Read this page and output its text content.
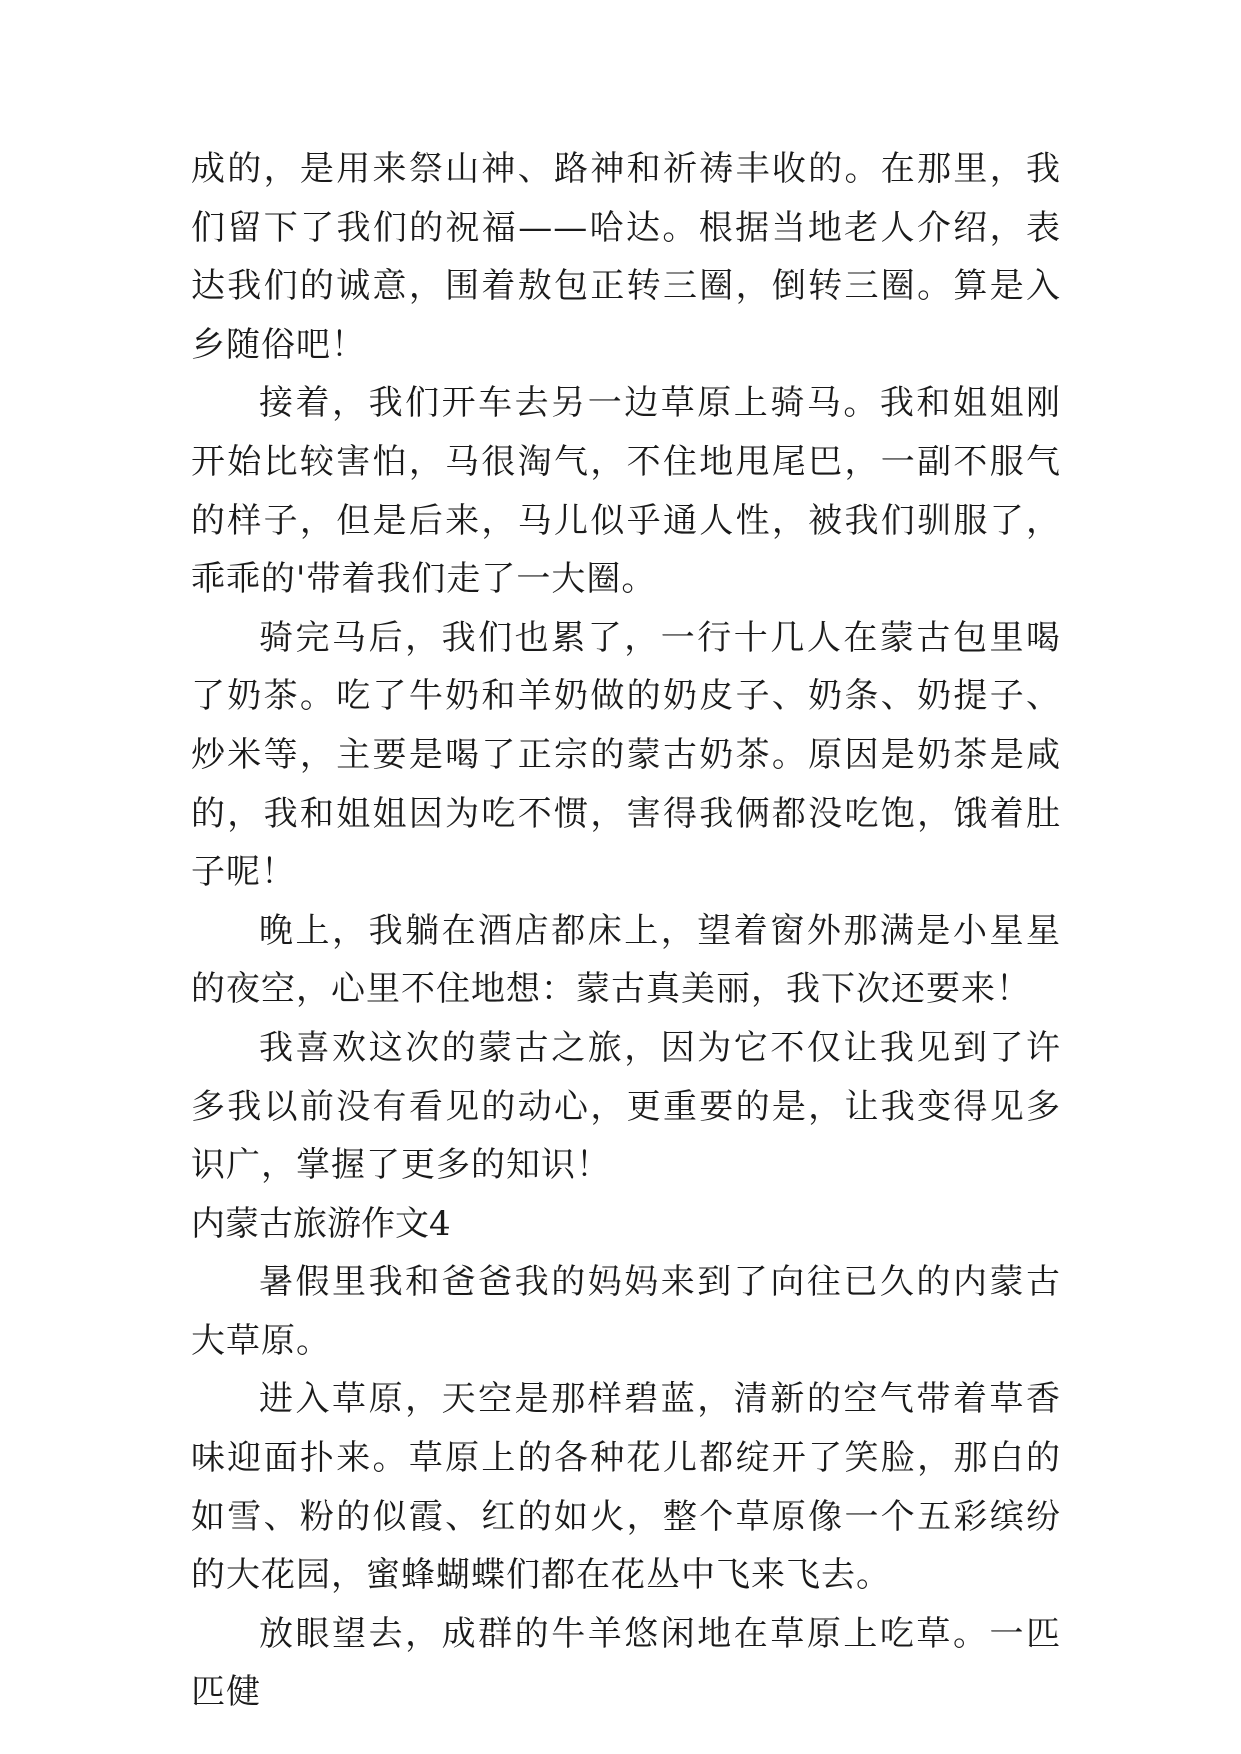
成的，是用来祭山神、路神和祈祷丰收的。在那里，我们留下了我们的祝福——哈达。根据当地老人介绍，表达我们的诚意，围着敖包正转三圈，倒转三圈。算是入乡随俗吧！

接着，我们开车去另一边草原上骑马。我和姐姐刚开始比较害怕，马很淘气，不住地甩尾巴，一副不服气的样子，但是后来，马儿似乎通人性，被我们驯服了，乖乖的'带着我们走了一大圈。

骑完马后，我们也累了，一行十几人在蒙古包里喝了奶茶。吃了牛奶和羊奶做的奶皮子、奶条、奶提子、炒米等，主要是喝了正宗的蒙古奶茶。原因是奶茶是咸的，我和姐姐因为吃不惯，害得我俩都没吃饱，饿着肚子呢！

晚上，我躺在酒店都床上，望着窗外那满是小星星的夜空，心里不住地想：蒙古真美丽，我下次还要来！

我喜欢这次的蒙古之旅，因为它不仅让我见到了许多我以前没有看见的动心，更重要的是，让我变得见多识广，掌握了更多的知识！

内蒙古旅游作文4

暑假里我和爸爸我的妈妈来到了向往已久的内蒙古大草原。

进入草原，天空是那样碧蓝，清新的空气带着草香味迎面扑来。草原上的各种花儿都绽开了笑脸，那白的如雪、粉的似霞、红的如火，整个草原像一个五彩缤纷的大花园，蜜蜂蝴蝶们都在花丛中飞来飞去。

放眼望去，成群的牛羊悠闲地在草原上吃草。一匹匹健
